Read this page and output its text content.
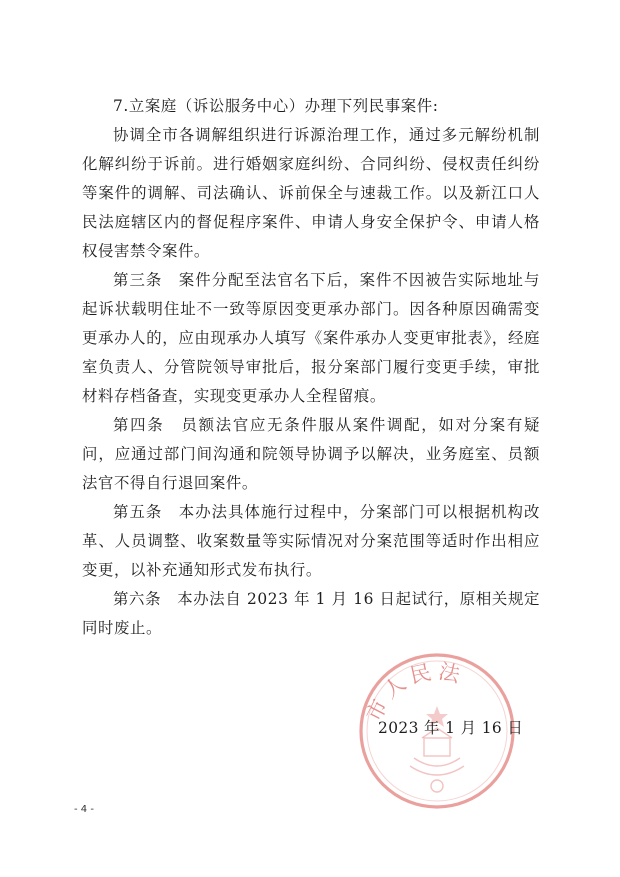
7.立案庭（诉讼服务中心）办理下列民事案件:

协调全市各调解组织进行诉源治理工作，通过多元解纷机制化解纠纷于诉前。进行婚姻家庭纠纷、合同纠纷、侵权责任纠纷等案件的调解、司法确认、诉前保全与速裁工作。以及新江口人民法庭辖区内的督促程序案件、申请人身安全保护令、申请人格权侵害禁令案件。

第三条　案件分配至法官名下后，案件不因被告实际地址与起诉状载明住址不一致等原因变更承办部门。因各种原因确需变更承办人的，应由现承办人填写《案件承办人变更审批表》，经庭室负责人、分管院领导审批后，报分案部门履行变更手续，审批材料存档备查，实现变更承办人全程留痕。

第四条　员额法官应无条件服从案件调配，如对分案有疑问，应通过部门间沟通和院领导协调予以解决，业务庭室、员额法官不得自行退回案件。

第五条　本办法具体施行过程中，分案部门可以根据机构改革、人员调整、收案数量等实际情况对分案范围等适时作出相应变更，以补充通知形式发布执行。

第六条　本办法自 2023 年 1 月 16 日起试行，原相关规定同时废止。

市人民法
2023 年 1 月 16 日
- 4 -
